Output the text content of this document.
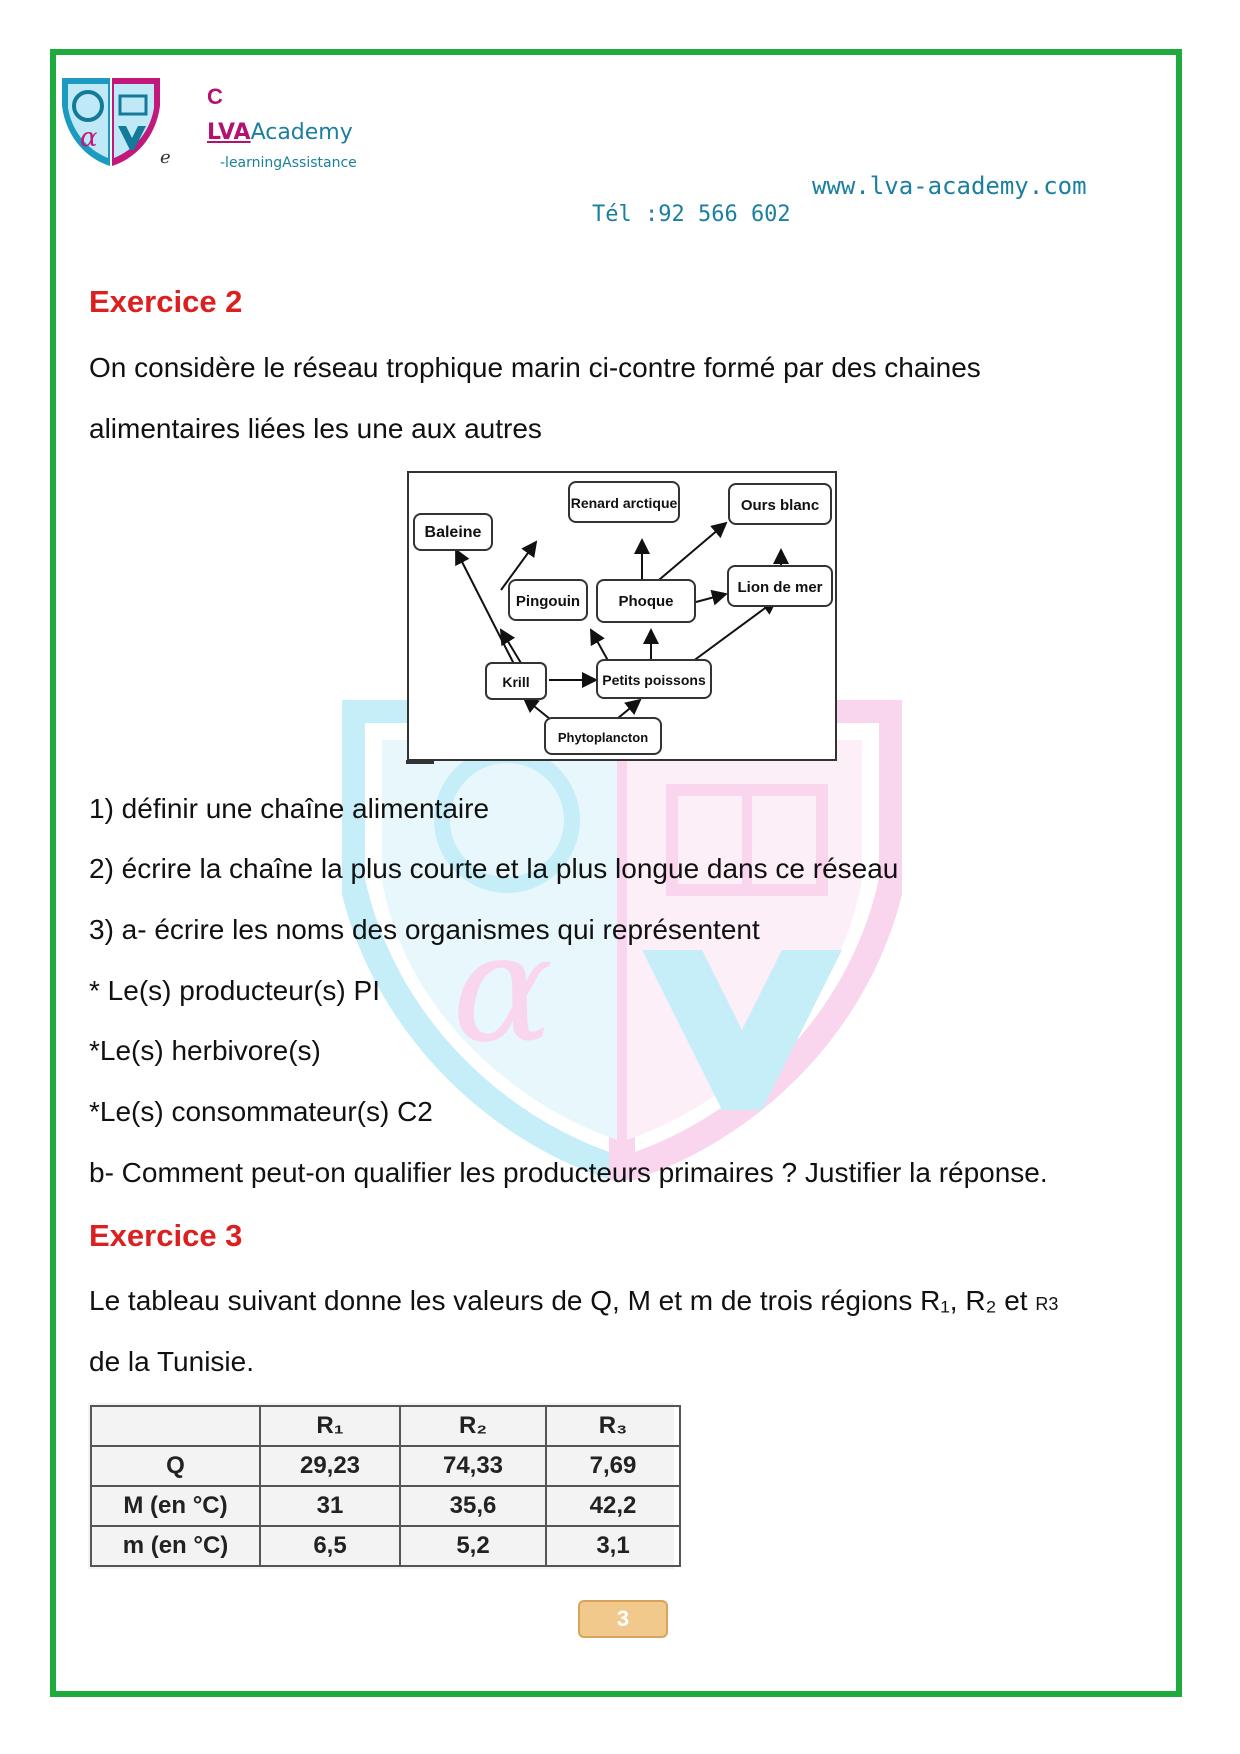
α
α
C
LVAAcademy
e	-learningAssistance
www.lva-academy.com
Tél :92 566 602
Exercice 2
On considère le réseau trophique marin ci-contre formé par des chaines
alimentaires liées les une aux autres
Baleine
Renard arctique	Ours blanc
Pingouin	Phoque
Lion de mer
Krill	Petits poissons
Phytoplancton
1) définir une chaîne alimentaire
2) écrire la chaîne la plus courte et la plus longue dans ce réseau
3) a- écrire les noms des organismes qui représentent
* Le(s) producteur(s) PI
*Le(s) herbivore(s)
*Le(s) consommateur(s) C2
b- Comment peut-on qualifier les producteurs primaires ? Justifier la réponse.
Exercice 3
Le tableau suivant donne les valeurs de Q, M et m de trois régions R₁, R₂ et R3
de la Tunisie.
	R₁	R₂	R₃
Q	29,23	74,33	7,69
M (en °C)	31	35,6	42,2
m (en °C)	6,5	5,2	3,1
3
